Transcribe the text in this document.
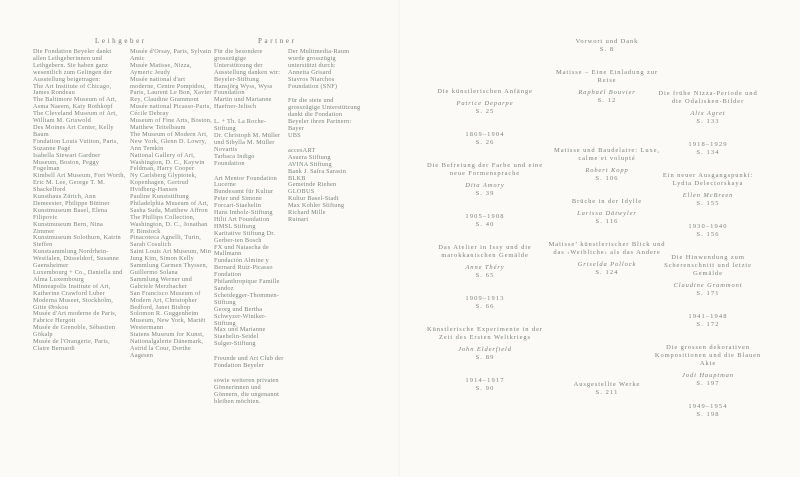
Leihgeber	Partner

Die Fondation Beyeler dankt allen Leihgeberinnen und Leihgebern. Sie haben ganz wesentlich zum Gelingen der Ausstellung beigetragen:

The Art Institute of Chicago, James Rondeau

The Baltimore Museum of Art, Asma Naeem, Katy Rothkopf

The Cleveland Museum of Art, William M. Griswold

Des Moines Art Center, Kelly Baum

Fondation Louis Vuitton, Paris, Suzanne Pagé

Isabella Stewart Gardner Museum, Boston, Peggy Fogelman

Kimbell Art Museum, Fort Worth, Eric M. Lee, George T. M. Shackelford

Kunsthaus Zürich, Ann Demeester, Philippe Büttner

Kunstmuseum Basel, Elena Filipovic

Kunstmuseum Bern, Nina Zimmer

Kunstmuseum Solothurn, Katrin Steffen

Kunstsammlung Nordrhein-Westfalen, Düsseldorf, Susanne Gaensheimer

Luxembourg + Co., Daniella und Alma Luxembourg

Minneapolis Institute of Art, Katherine Crawford Luber

Moderna Museet, Stockholm, Gitte Ørskou

Musée d'Art moderne de Paris, Fabrice Hergott

Musée de Grenoble, Sébastien Gökalp

Musée de l'Orangerie, Paris, Claire Bernardi

Musée d'Orsay, Paris, Sylvain Amic

Musée Matisse, Nizza, Aymeric Jeudy

Musée national d'art moderne, Centre Pompidou, Paris, Laurent Le Bon, Xavier Rey, Claudine Grammont

Musée national Picasso-Paris, Cécile Debray

Museum of Fine Arts, Boston, Matthew Teitelbaum

The Museum of Modern Art, New York, Glenn D. Lowry, Ann Temkin

National Gallery of Art, Washington, D. C., Kaywin Feldman, Harry Cooper

Ny Carlsberg Glyptotek, Kopenhagen, Gertrud Hvidberg-Hansen

Pauline Kunststiftung

Philadelphia Museum of Art, Sasha Suda, Matthew Affron

The Phillips Collection, Washington, D. C., Jonathan P. Binstock

Pinacoteca Agnelli, Turin, Sarah Cosulich

Saint Louis Art Museum, Min Jung Kim, Simon Kelly

Sammlung Carmen Thyssen, Guillermo Solana

Sammlung Werner und Gabriele Merzbacher

San Francisco Museum of Modern Art, Christopher Bedford, Janet Bishop

Solomon R. Guggenheim Museum, New York, Mariët Westermann

Statens Museum for Kunst, Nationalgalerie Dänemark, Astrid la Cour, Dorthe Aagesen

Für die besondere grosszügige Unterstützung der Ausstellung danken wir:

Beyeler-Stiftung

Hansjörg Wyss, Wyss Foundation

Martin und Marianne Haefner-Jeltsch

L. + Th. La Roche-Stiftung

Dr. Christoph M. Müller und Sibylla M. Müller

Novartis

Tarbaca Indigo Foundation

Art Mentor Foundation Lucerne

Bundesamt für Kultur

Peter und Simone Forcart-Staehelin

Hans Imholz-Stiftung

Hilti Art Foundation

HMSL Stiftung

Karitative Stiftung Dr. Gerber-ten Bosch

FX und Natascha de Mallmann

Fundación Almine y Bernard Ruiz-Picasso

Fondation Philanthropique Famille Sandoz

Scheidegger-Thommen-Stiftung

Georg und Bertha Schwyzer-Winiker-Stiftung

Max und Marianne Staehelin-Seidel

Sulger-Stiftung

Freunde und Art Club der Fondation Beyeler

sowie weiteren privaten Gönnerinnen und Gönnern, die ungenannt bleiben möchten.

Der Multimedia-Raum wurde grosszügig unterstützt durch:

Annetta Grisard

Stavros Niarchos Foundation (SNF)

Für die stete und grosszügige Unterstützung dankt die Fondation Beyeler ihren Partnern:

Bayer

UBS

accesART

Asuera Stiftung

AVINA Stiftung

Bank J. Safra Sarasin

BLKB

Gemeinde Riehen

GLOBUS

Kultur Basel-Stadt

Max Kohler Stiftung

Richard Mille

Ruinart

Die künstlerischen Anfänge
Patrice Deparpe
S. 25
1869–1904
S. 26
Die Befreiung der Farbe und eine neue Formensprache
Dita Amory
S. 39
1905–1908
S. 40
Das Atelier in Issy und die marokkanischen Gemälde
Anne Théry
S. 65
1909–1913
S. 66
Künstlerische Experimente in der Zeit des Ersten Weltkriegs
John Elderfield
S. 89
1914–1917
S. 90
Vorwort und Dank
S. 8
Matisse – Eine Einladung zur Reise
Raphaël Bouvier
S. 12
Matisse und Baudelaire: Luxe, calme et volupté
Robert Kopp
S. 106
Brüche in der Idylle
Larissa Dätwyler
S. 116
Matisse’ künstlerischer Blick und das ‹Weibliche› als das Andere
Griselda Pollock
S. 124
Ausgestellte Werke
S. 211
Die frühe Nizza-Periode und die Odalisken-Bilder
Alix Agret
S. 133
1918–1929
S. 134
Ein neuer Ausgangspunkt: Lydia Delectorskaya
Ellen McBreen
S. 155
1930–1940
S. 156
Die Hinwendung zum Scherenschnitt und letzte Gemälde
Claudine Grammont
S. 171
1941–1948
S. 172
Die grossen dekorativen Kompositionen und die Blauen Akte
Jodi Hauptman
S. 197
1949–1954
S. 198
